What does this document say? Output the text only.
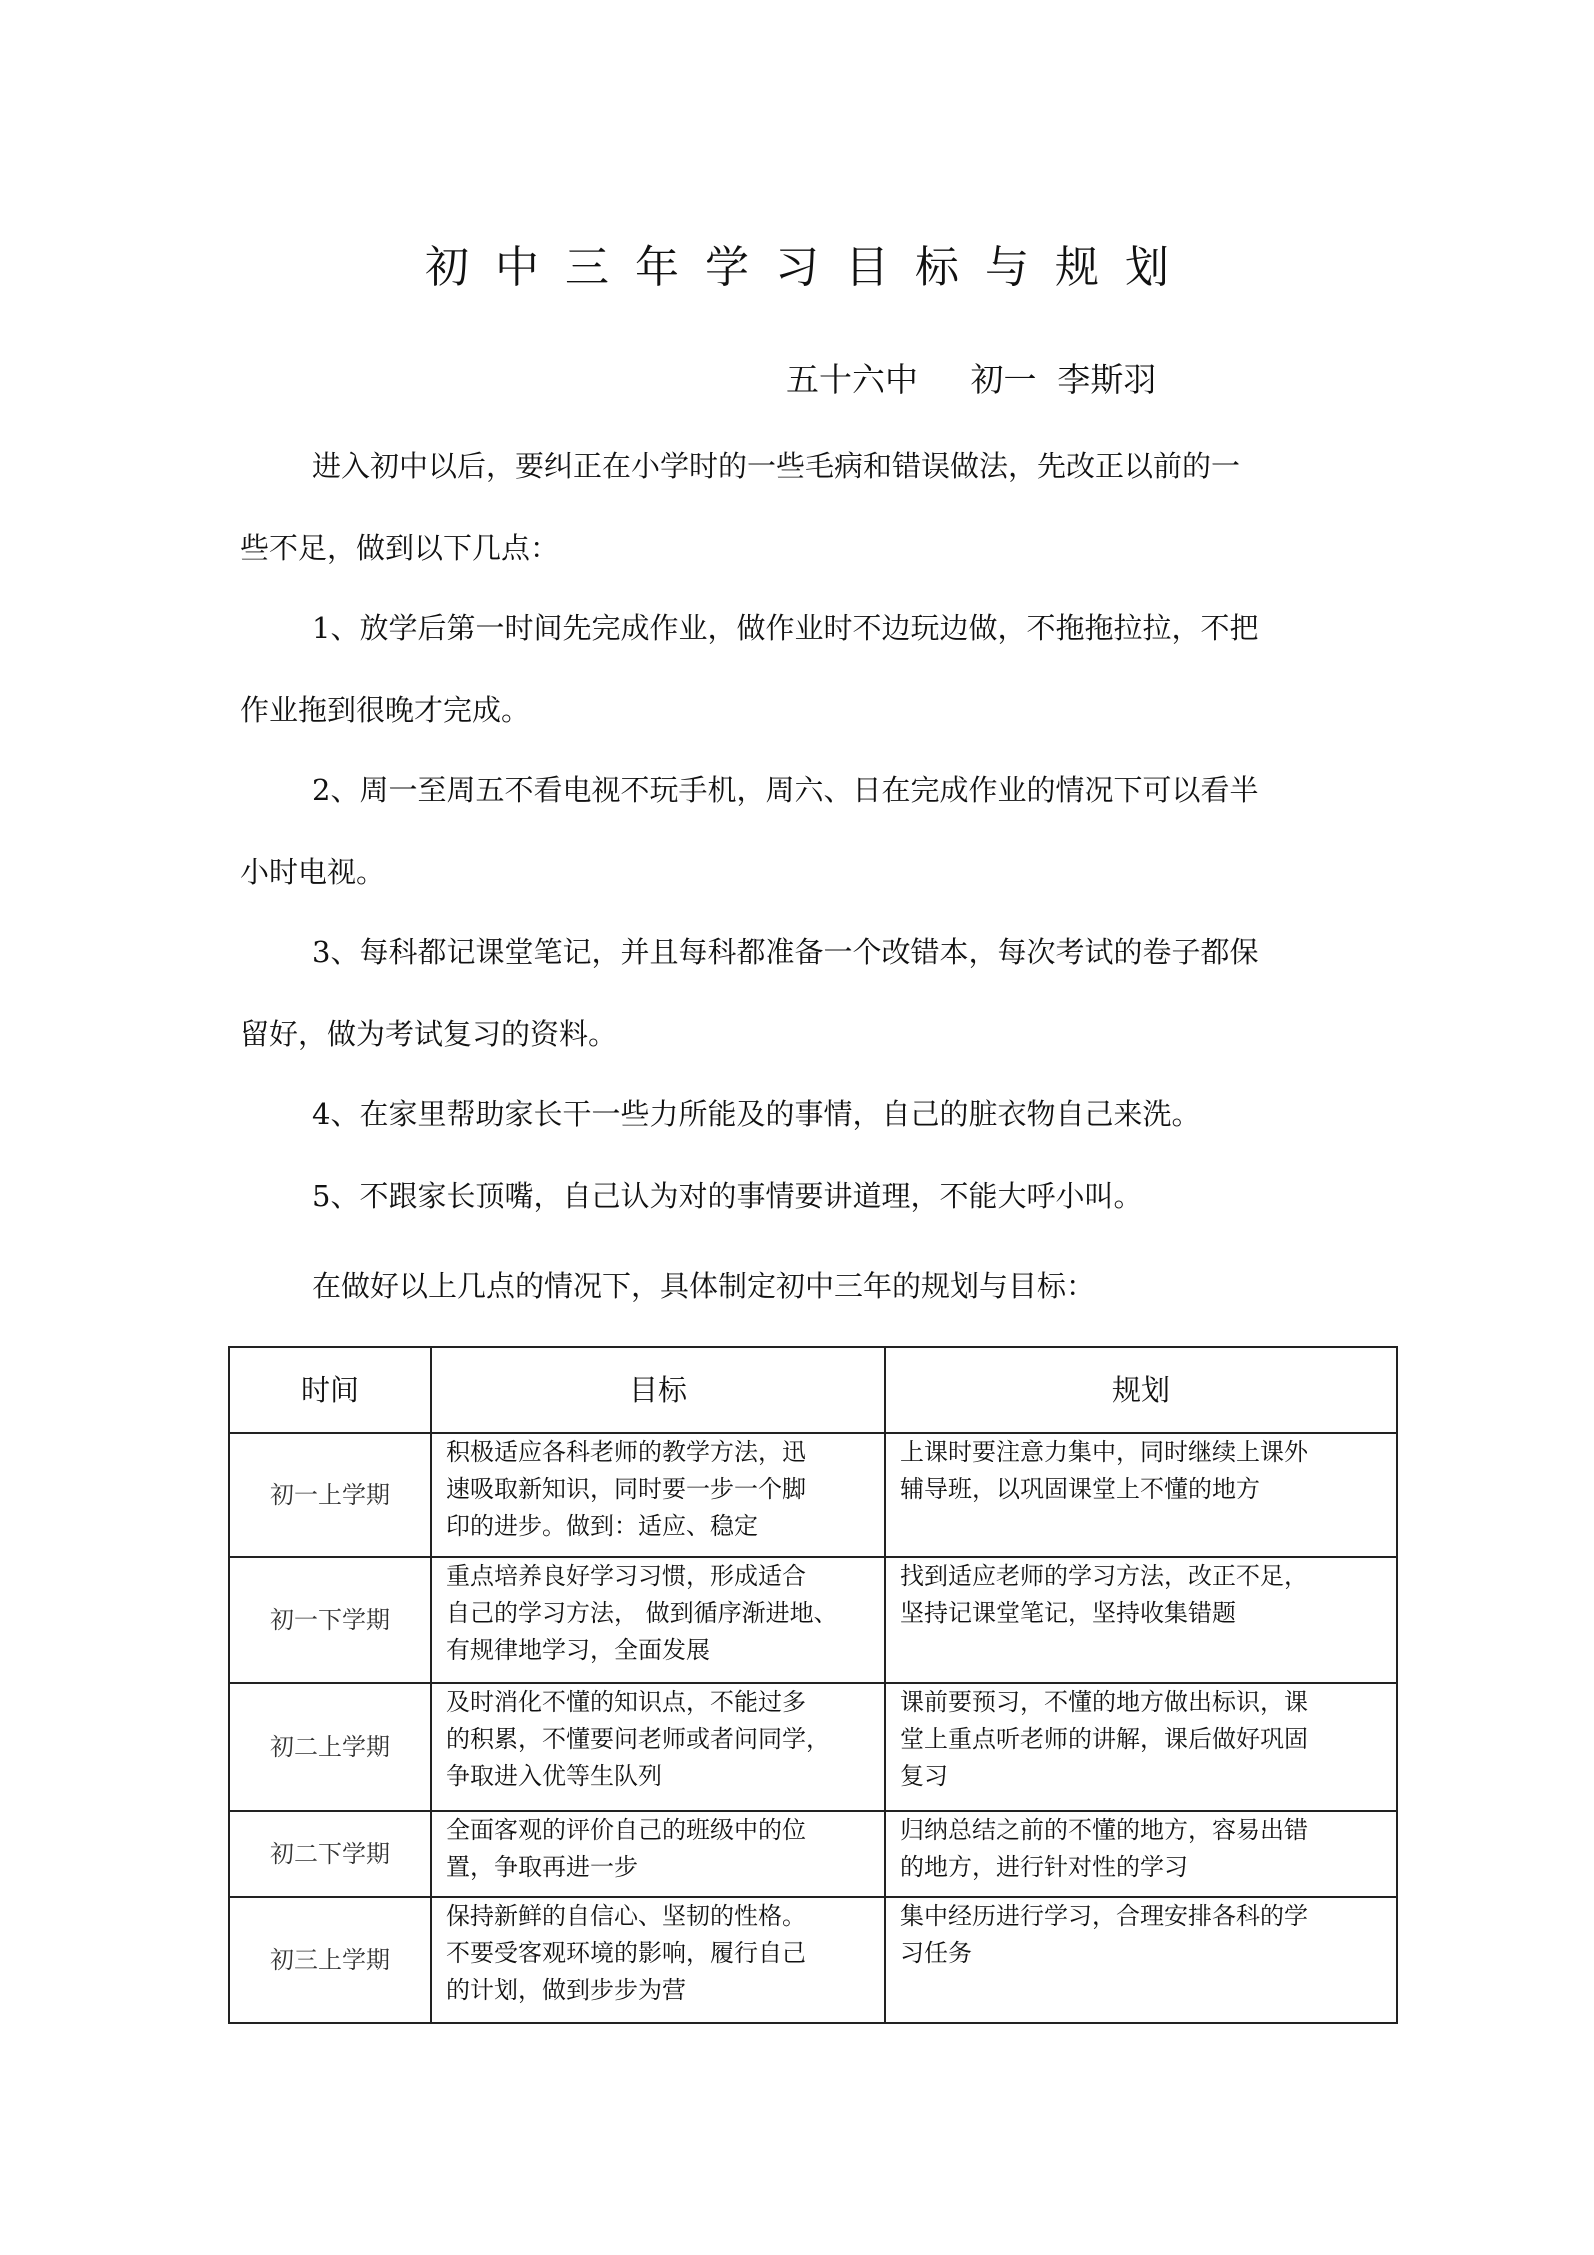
初中三年学习目标与规划
五十六中     初一  李斯羽
进入初中以后，要纠正在小学时的一些毛病和错误做法，先改正以前的一
些不足，做到以下几点：
1、放学后第一时间先完成作业，做作业时不边玩边做，不拖拖拉拉，不把
作业拖到很晚才完成。
2、周一至周五不看电视不玩手机，周六、日在完成作业的情况下可以看半
小时电视。
3、每科都记课堂笔记，并且每科都准备一个改错本，每次考试的卷子都保
留好，做为考试复习的资料。
4、在家里帮助家长干一些力所能及的事情，自己的脏衣物自己来洗。
5、不跟家长顶嘴，自己认为对的事情要讲道理，不能大呼小叫。
在做好以上几点的情况下，具体制定初中三年的规划与目标：
时间	目标	规划
初一上学期	积极适应各科老师的教学方法，迅
速吸取新知识，同时要一步一个脚
印的进步。做到：适应、稳定	上课时要注意力集中，同时继续上课外
辅导班，以巩固课堂上不懂的地方

初一下学期	重点培养良好学习习惯，形成适合
自己的学习方法， 做到循序渐进地、
有规律地学习，全面发展	找到适应老师的学习方法，改正不足，
坚持记课堂笔记，坚持收集错题

初二上学期	及时消化不懂的知识点，不能过多
的积累，不懂要问老师或者问同学，
争取进入优等生队列	课前要预习，不懂的地方做出标识，课
堂上重点听老师的讲解，课后做好巩固
复习

初二下学期	全面客观的评价自己的班级中的位
置，争取再进一步	归纳总结之前的不懂的地方，容易出错
的地方，进行针对性的学习

初三上学期	保持新鲜的自信心、坚韧的性格。
不要受客观环境的影响，履行自己
的计划，做到步步为营	集中经历进行学习，合理安排各科的学
习任务
